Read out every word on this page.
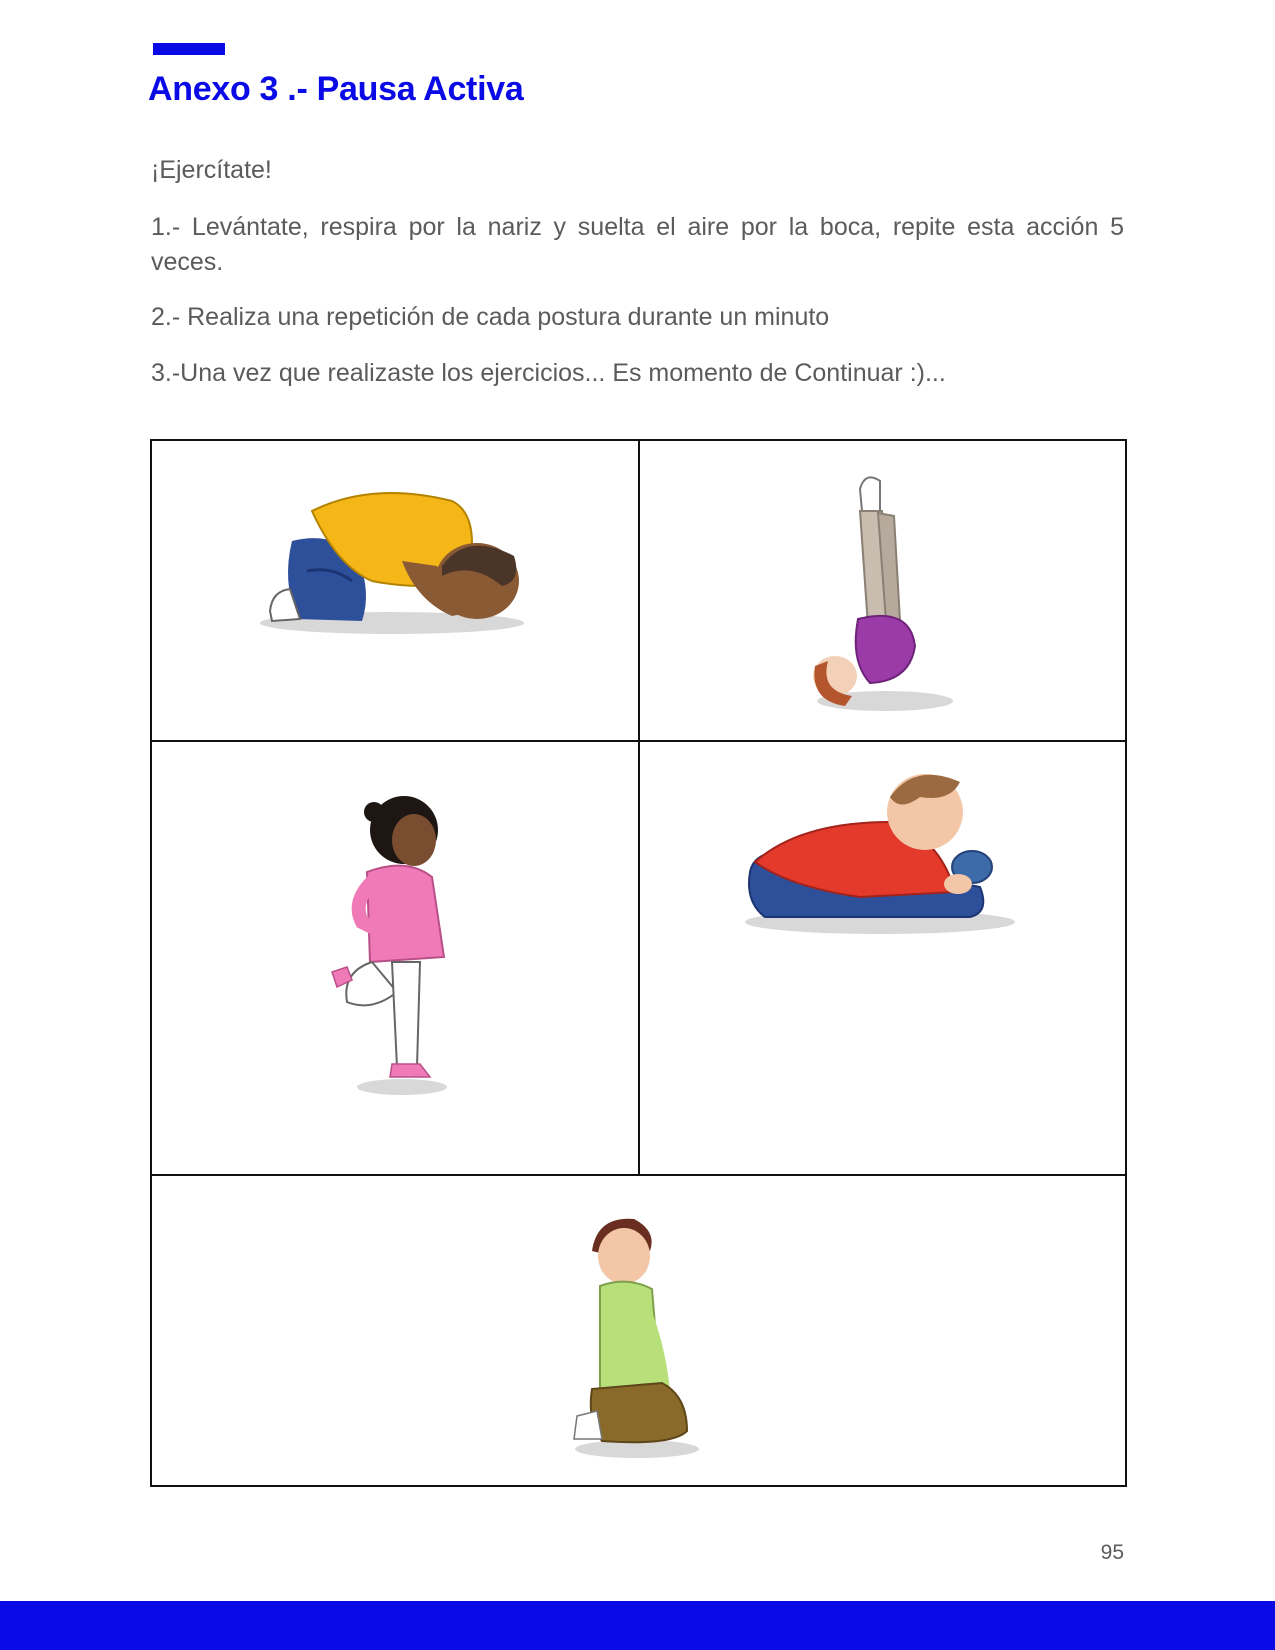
Anexo 3 .- Pausa Activa

¡Ejercítate!

1.- Levántate, respira por la nariz y suelta el aire por la boca, repite esta acción 5 veces.

2.- Realiza una repetición de cada postura durante un minuto

3.-Una vez que realizaste los ejercicios... Es momento de Continuar :)...

95
